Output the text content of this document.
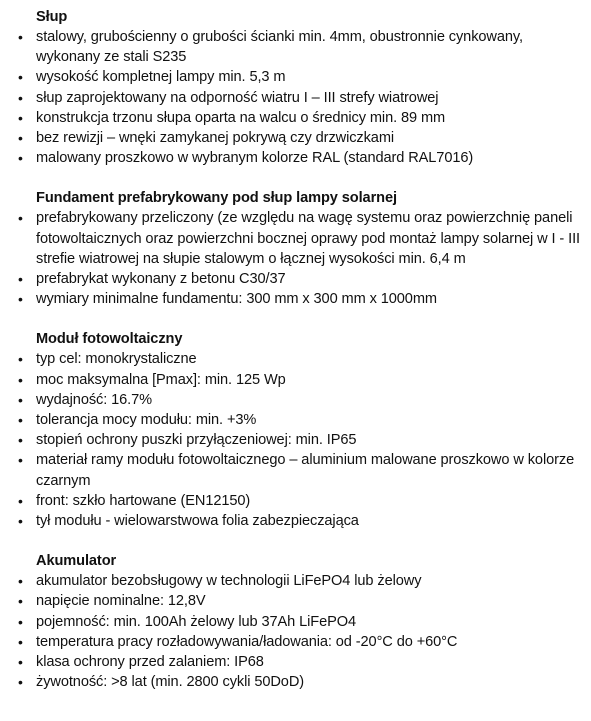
Słup

• stalowy, grubościenny o grubości ścianki min. 4mm, obustronnie cynkowany, wykonany ze stali S235
• wysokość kompletnej lampy min. 5,3 m
• słup zaprojektowany na odporność wiatru I – III strefy wiatrowej
• konstrukcja trzonu słupa oparta na walcu o średnicy min. 89 mm
• bez rewizji – wnęki zamykanej pokrywą czy drzwiczkami
• malowany proszkowo w wybranym kolorze RAL (standard RAL7016)

Fundament prefabrykowany pod słup lampy solarnej

• prefabrykowany przeliczony (ze względu na wagę systemu oraz powierzchnię paneli fotowoltaicznych oraz powierzchni bocznej oprawy pod montaż lampy solarnej w I - III strefie wiatrowej na słupie stalowym o łącznej wysokości min. 6,4 m
• prefabrykat wykonany z betonu C30/37
• wymiary minimalne fundamentu: 300 mm x 300 mm x 1000mm

Moduł fotowoltaiczny

• typ cel: monokrystaliczne
• moc maksymalna [Pmax]: min. 125 Wp
• wydajność: 16.7%
• tolerancja mocy modułu: min. +3%
• stopień ochrony puszki przyłączeniowej: min. IP65
• materiał ramy modułu fotowoltaicznego – aluminium malowane proszkowo w kolorze czarnym
• front: szkło hartowane (EN12150)
• tył modułu - wielowarstwowa folia zabezpieczająca

Akumulator

• akumulator bezobsługowy w technologii LiFePO4 lub żelowy
• napięcie nominalne: 12,8V
• pojemność: min. 100Ah żelowy lub 37Ah LiFePO4
• temperatura pracy rozładowywania/ładowania: od -20°C do +60°C
• klasa ochrony przed zalaniem: IP68
• żywotność: >8 lat (min. 2800 cykli 50DoD)
